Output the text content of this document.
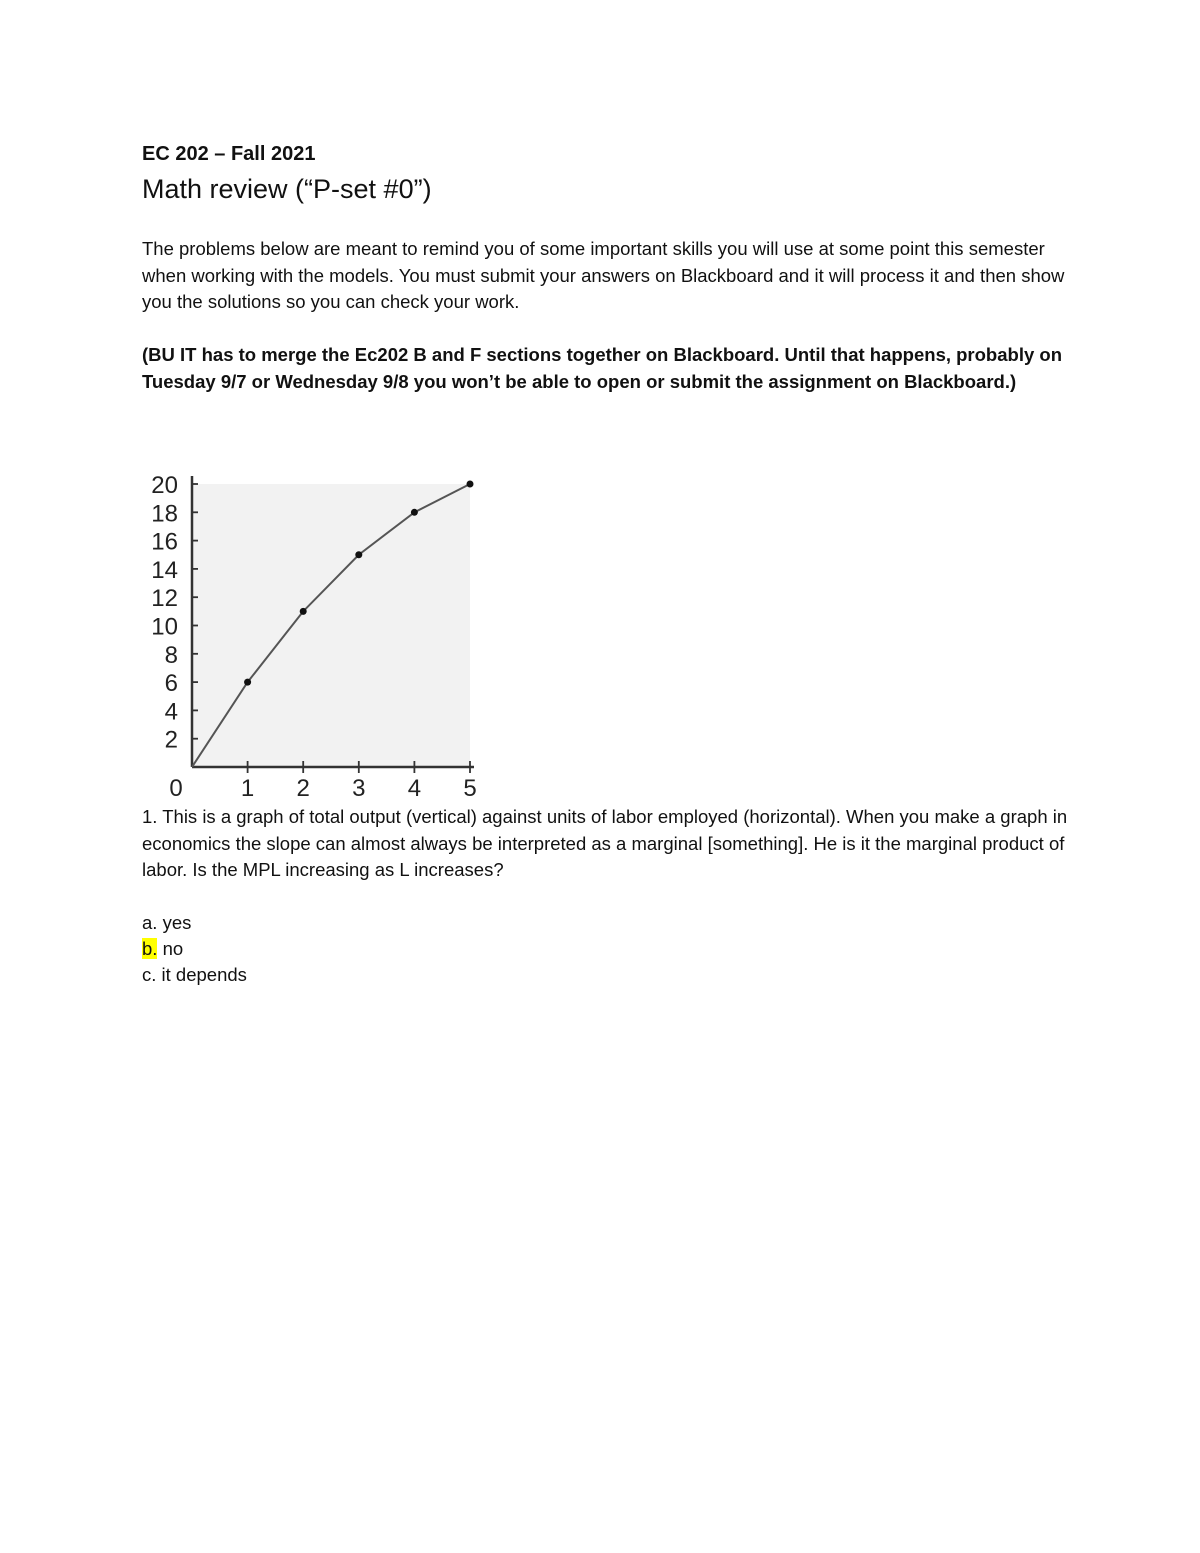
EC 202 – Fall 2021

Math review (“P-set #0”)

The problems below are meant to remind you of some important skills you will use at some point this semester when working with the models. You must submit your answers on Blackboard and it will process it and then show you the solutions so you can check your work.

(BU IT has to merge the Ec202 B and F sections together on Blackboard. Until that happens, probably on Tuesday 9/7 or Wednesday 9/8 you won’t be able to open or submit the assignment on Blackboard.)

2
4
6
8
10
12
14
16
18
20
0 1 2 3 4 5

1. This is a graph of total output (vertical) against units of labor employed (horizontal). When you make a graph in economics the slope can almost always be interpreted as a marginal [something]. He is it the marginal product of labor. Is the MPL increasing as L increases?

a. yes
b. no
c. it depends
